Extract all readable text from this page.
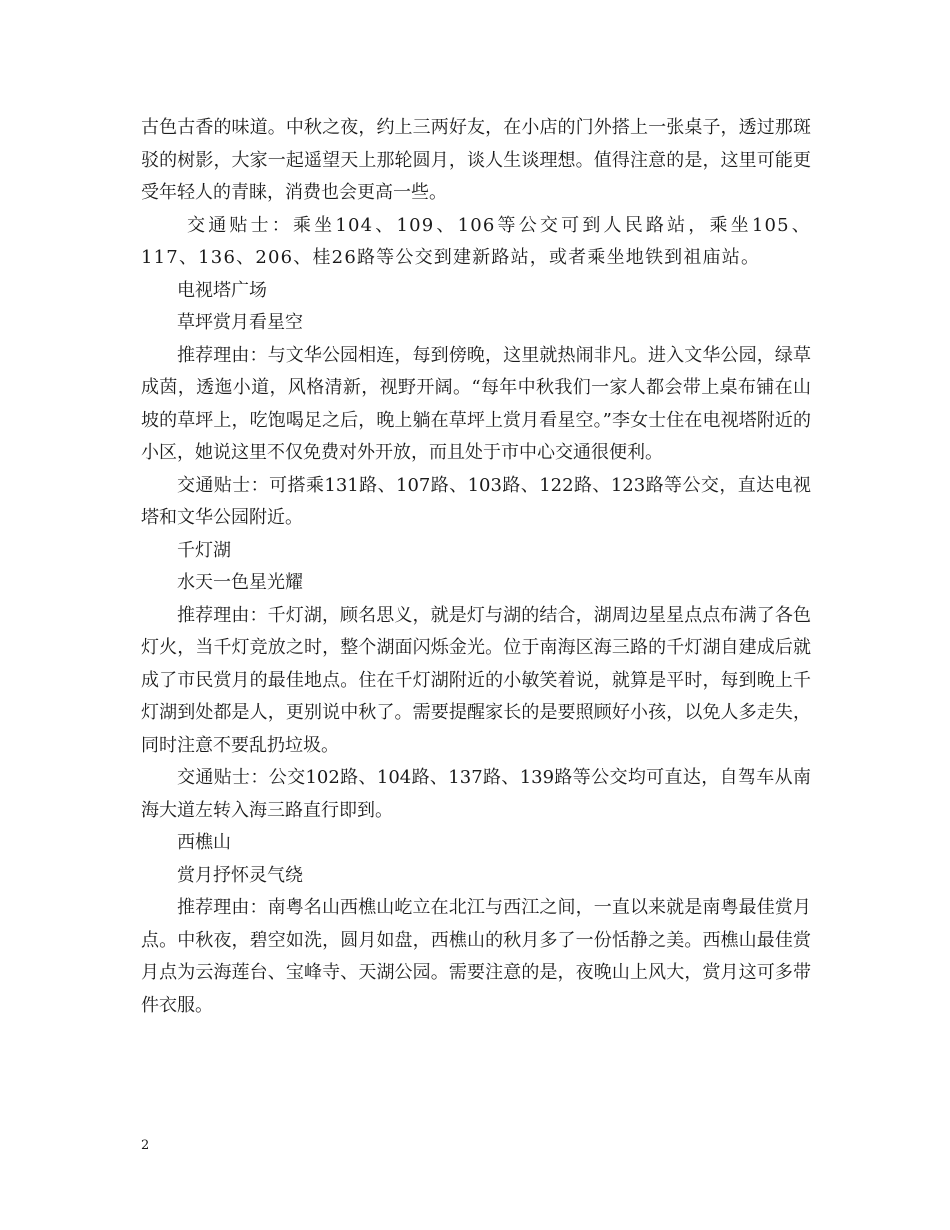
古色古香的味道。中秋之夜，约上三两好友，在小店的门外搭上一张桌子，透过那斑驳的树影，大家一起遥望天上那轮圆月，谈人生谈理想。值得注意的是，这里可能更受年轻人的青睐，消费也会更高一些。

交通贴士：乘坐104、109、106等公交可到人民路站，乘坐105、117、136、206、桂26路等公交到建新路站，或者乘坐地铁到祖庙站。

电视塔广场

草坪赏月看星空

推荐理由：与文华公园相连，每到傍晚，这里就热闹非凡。进入文华公园，绿草成茵，透迤小道，风格清新，视野开阔。“每年中秋我们一家人都会带上桌布铺在山坡的草坪上，吃饱喝足之后，晚上躺在草坪上赏月看星空。”李女士住在电视塔附近的小区，她说这里不仅免费对外开放，而且处于市中心交通很便利。

交通贴士：可搭乘131路、107路、103路、122路、123路等公交，直达电视塔和文华公园附近。

千灯湖

水天一色星光耀

推荐理由：千灯湖，顾名思义，就是灯与湖的结合，湖周边星星点点布满了各色灯火，当千灯竞放之时，整个湖面闪烁金光。位于南海区海三路的千灯湖自建成后就成了市民赏月的最佳地点。住在千灯湖附近的小敏笑着说，就算是平时，每到晚上千灯湖到处都是人，更别说中秋了。需要提醒家长的是要照顾好小孩，以免人多走失，同时注意不要乱扔垃圾。

交通贴士：公交102路、104路、137路、139路等公交均可直达，自驾车从南海大道左转入海三路直行即到。

西樵山

赏月抒怀灵气绕

推荐理由：南粤名山西樵山屹立在北江与西江之间，一直以来就是南粤最佳赏月点。中秋夜，碧空如洗，圆月如盘，西樵山的秋月多了一份恬静之美。西樵山最佳赏月点为云海莲台、宝峰寺、天湖公园。需要注意的是，夜晚山上风大，赏月这可多带件衣服。

2
